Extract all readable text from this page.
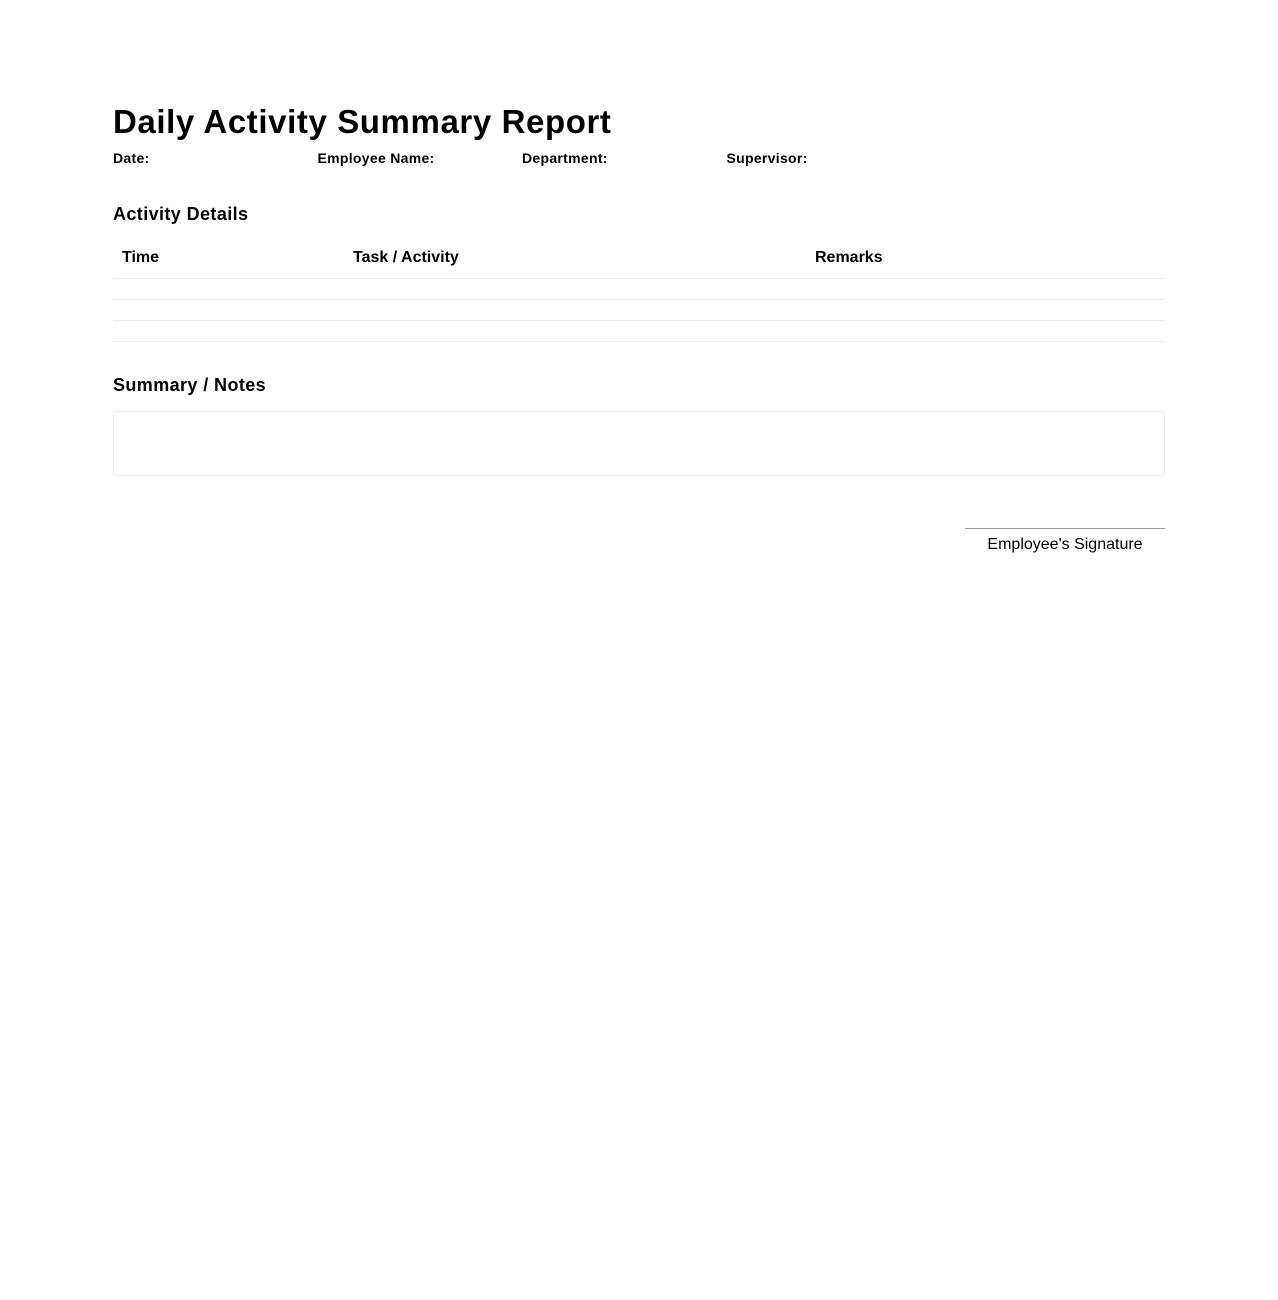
Daily Activity Summary Report
Date:	Employee Name:	Department:	Supervisor:
Activity Details
Time	Task / Activity	Remarks

Summary / Notes
Employee's Signature
